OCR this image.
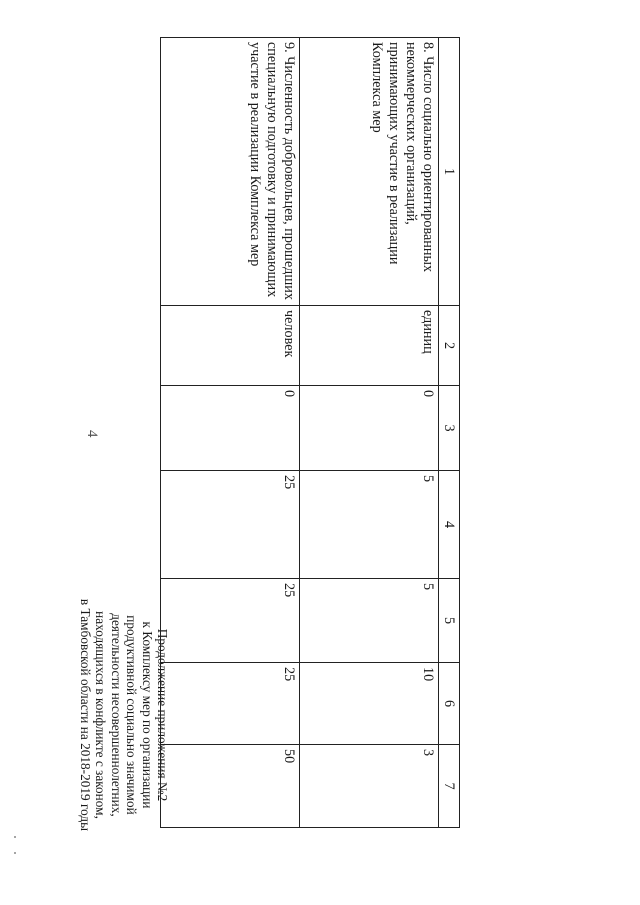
4
Продолжение приложения №2
к Комплексу мер по организации
продуктивной социально значимой
деятельности несовершеннолетних,
находящихся в конфликте с законом,
в Тамбовской области на 2018-2019 годы
1	2	3	4	5	6	7
8. Число социально ориентированных некоммерческих организаций, принимающих участие в реализации Комплекса мер	единиц	0	5	5	10	3
9. Численность добровольцев, прошедших специальную подготовку и принимающих участие в реализации Комплекса мер	человек	0	25	25	25	50
